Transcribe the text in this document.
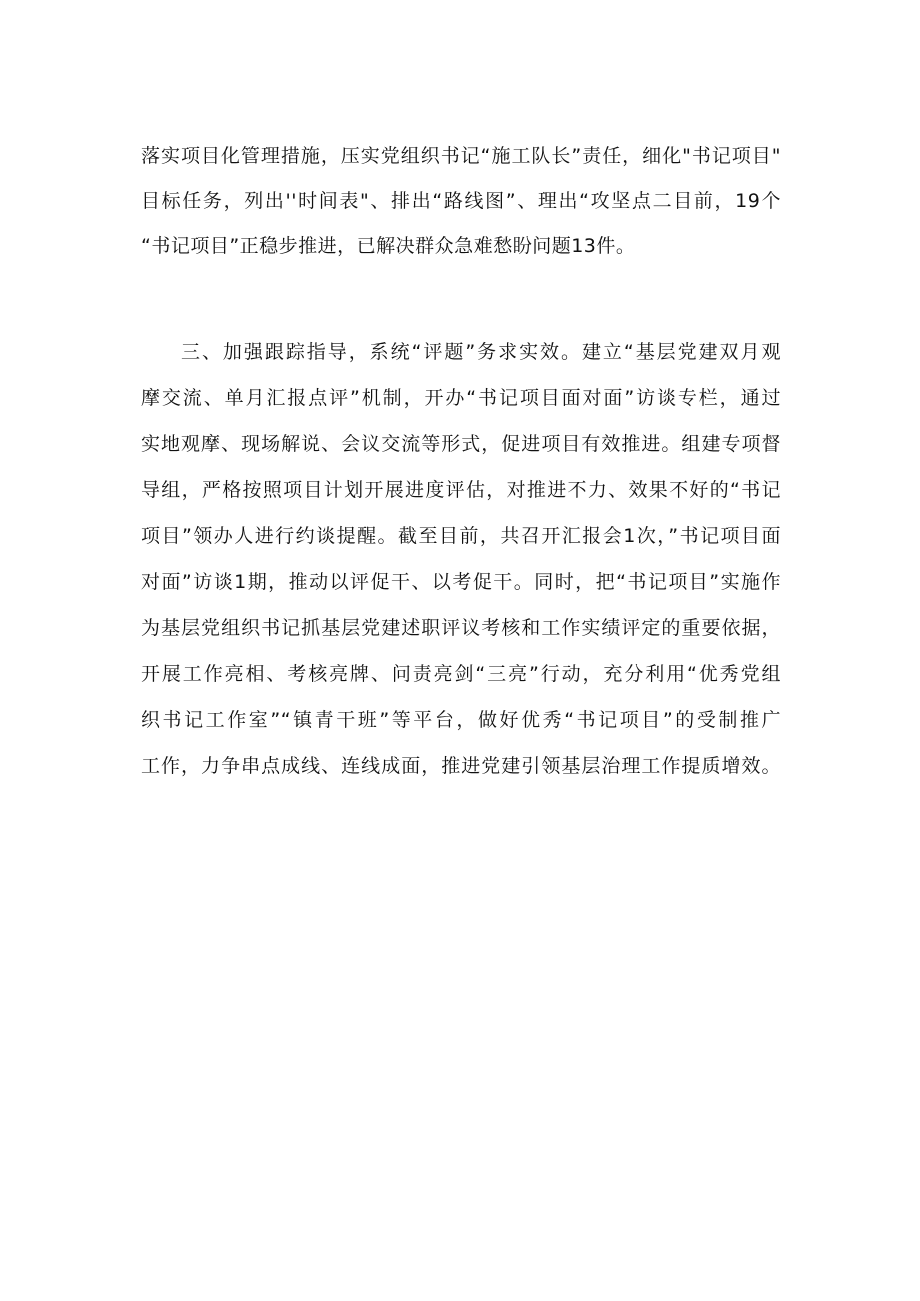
落实项目化管理措施，压实党组织书记“施工队长”责任，细化"书记项目"
目标任务，列出''时间表"、排出“路线图”、理出“攻坚点二目前，19个
“书记项目”正稳步推进，已解决群众急难愁盼问题13件。
三、加强跟踪指导，系统“评题”务求实效。建立“基层党建双月观
摩交流、单月汇报点评”机制，开办“书记项目面对面”访谈专栏，通过
实地观摩、现场解说、会议交流等形式，促进项目有效推进。组建专项督
导组，严格按照项目计划开展进度评估，对推进不力、效果不好的“书记
项目”领办人进行约谈提醒。截至目前，共召开汇报会1次，”书记项目面
对面”访谈1期，推动以评促干、以考促干。同时，把“书记项目”实施作
为基层党组织书记抓基层党建述职评议考核和工作实绩评定的重要依据，
开展工作亮相、考核亮牌、问责亮剑“三亮”行动，充分利用“优秀党组
织书记工作室”“镇青干班”等平台，做好优秀“书记项目”的受制推广
工作，力争串点成线、连线成面，推进党建引领基层治理工作提质增效。
